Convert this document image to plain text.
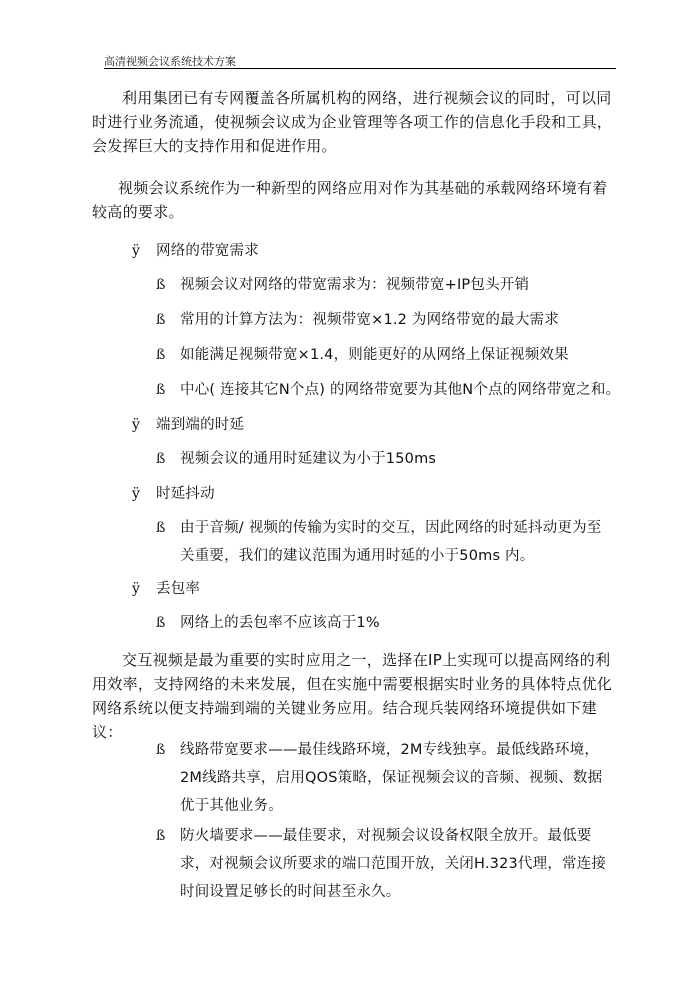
高清视频会议系统技术方案

利用集团已有专网覆盖各所属机构的网络，进行视频会议的同时，可以同时进行业务流通，使视频会议成为企业管理等各项工作的信息化手段和工具，会发挥巨大的支持作用和促进作用。

视频会议系统作为一种新型的网络应用对作为其基础的承载网络环境有着较高的要求。

ÿ 网络的带宽需求
ß 视频会议对网络的带宽需求为：视频带宽+IP包头开销
ß 常用的计算方法为：视频带宽×1.2 为网络带宽的最大需求
ß 如能满足视频带宽×1.4，则能更好的从网络上保证视频效果
ß 中心( 连接其它N个点) 的网络带宽要为其他N个点的网络带宽之和。
ÿ 端到端的时延
ß 视频会议的通用时延建议为小于150ms
ÿ 时延抖动
ß 由于音频/ 视频的传输为实时的交互，因此网络的时延抖动更为至关重要，我们的建议范围为通用时延的小于50ms 内。
ÿ 丢包率
ß 网络上的丢包率不应该高于1%

交互视频是最为重要的实时应用之一，选择在IP上实现可以提高网络的利用效率，支持网络的未来发展，但在实施中需要根据实时业务的具体特点优化网络系统以便支持端到端的关键业务应用。结合现兵装网络环境提供如下建议：

ß 线路带宽要求——最佳线路环境，2M专线独享。最低线路环境，2M线路共享，启用QOS策略，保证视频会议的音频、视频、数据优于其他业务。
ß 防火墙要求——最佳要求，对视频会议设备权限全放开。最低要求，对视频会议所要求的端口范围开放，关闭H.323代理，常连接时间设置足够长的时间甚至永久。
